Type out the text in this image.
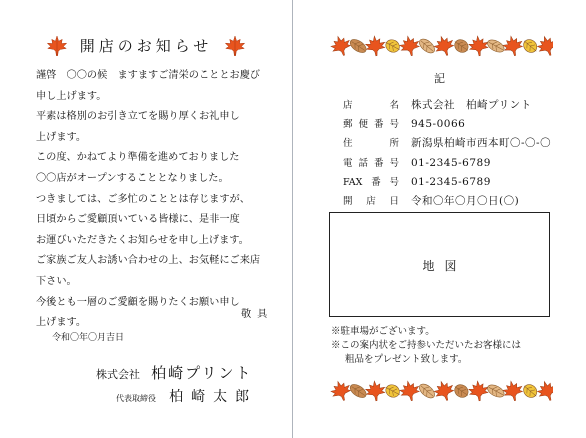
開店のお知らせ
謹啓　〇〇の候　ますますご清栄のこととお慶び
申し上げます。
平素は格別のお引き立てを賜り厚くお礼申し
上げます。
この度、かねてより準備を進めておりました
〇〇店がオープンすることとなりました。
つきましては、ご多忙のこととは存じますが、
日頃からご愛顧頂いている皆様に、是非一度
お運びいただきたくお知らせを申し上げます。
ご家族ご友人お誘い合わせの上、お気軽にご来店
下さい。
今後とも一層のご愛顧を賜りたくお願い申し
上げます。
敬具
令和〇年〇月吉日
株式会社 柏崎プリント
代表取締役 柏崎太郎
記
店名 株式会社　柏崎プリント
郵便番号 945-0066
住所 新潟県柏崎市西本町〇-〇-〇
電話番号 01-2345-6789
FAX番号 01-2345-6789
開店日 令和〇年〇月〇日(〇)
地図
※駐車場がございます。
※この案内状をご持参いただいたお客様には
粗品をプレゼント致します。
